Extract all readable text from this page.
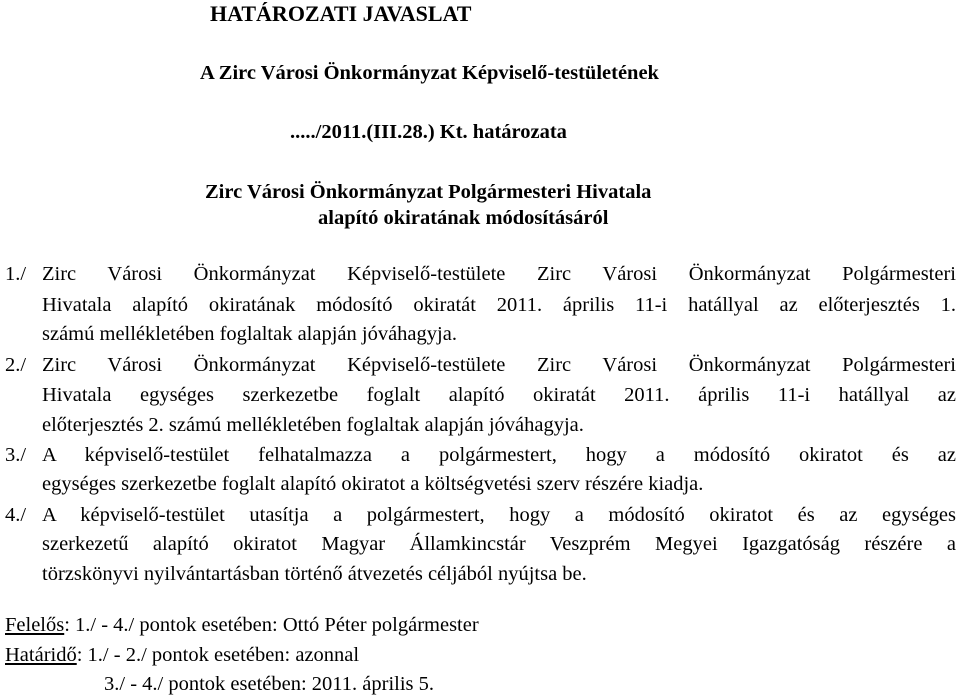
HATÁROZATI JAVASLAT
A Zirc Városi Önkormányzat Képviselő-testületének
...../2011.(III.28.) Kt. határozata
Zirc Városi Önkormányzat Polgármesteri Hivatala
alapító okiratának módosításáról
1./ Zirc Városi Önkormányzat Képviselő-testülete Zirc Városi Önkormányzat Polgármesteri
Hivatala alapító okiratának módosító okiratát 2011. április 11-i hatállyal az előterjesztés 1.
számú mellékletében foglaltak alapján jóváhagyja.
2./ Zirc Városi Önkormányzat Képviselő-testülete Zirc Városi Önkormányzat Polgármesteri
Hivatala egységes szerkezetbe foglalt alapító okiratát 2011. április 11-i hatállyal az
előterjesztés 2. számú mellékletében foglaltak alapján jóváhagyja.
3./ A képviselő-testület felhatalmazza a polgármestert, hogy a módosító okiratot és az
egységes szerkezetbe foglalt alapító okiratot a költségvetési szerv részére kiadja.
4./ A képviselő-testület utasítja a polgármestert, hogy a módosító okiratot és az egységes
szerkezetű alapító okiratot Magyar Államkincstár Veszprém Megyei Igazgatóság részére a
törzskönyvi nyilvántartásban történő átvezetés céljából nyújtsa be.
Felelős: 1./ - 4./ pontok esetében: Ottó Péter polgármester
Határidő: 1./ - 2./ pontok esetében: azonnal
3./ - 4./ pontok esetében: 2011. április 5.
